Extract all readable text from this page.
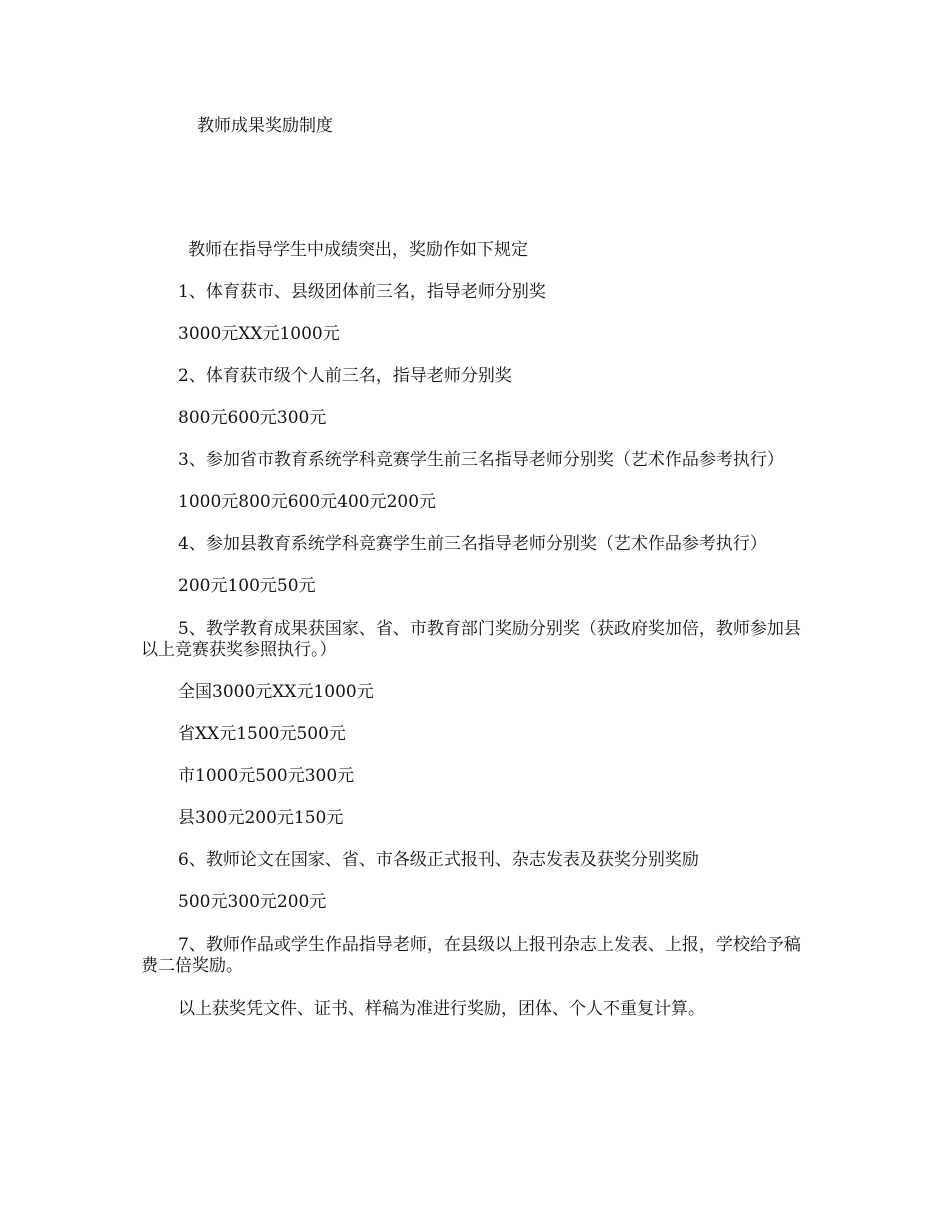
教师成果奖励制度

教师在指导学生中成绩突出，奖励作如下规定

1、体育获市、县级团体前三名，指导老师分别奖

3000元XX元1000元

2、体育获市级个人前三名，指导老师分别奖

800元600元300元

3、参加省市教育系统学科竞赛学生前三名指导老师分别奖（艺术作品参考执行）

1000元800元600元400元200元

4、参加县教育系统学科竞赛学生前三名指导老师分别奖（艺术作品参考执行）

200元100元50元

5、教学教育成果获国家、省、市教育部门奖励分别奖（获政府奖加倍，教师参加县以上竞赛获奖参照执行。）

全国3000元XX元1000元

省XX元1500元500元

市1000元500元300元

县300元200元150元

6、教师论文在国家、省、市各级正式报刊、杂志发表及获奖分别奖励

500元300元200元

7、教师作品或学生作品指导老师，在县级以上报刊杂志上发表、上报，学校给予稿费二倍奖励。

以上获奖凭文件、证书、样稿为准进行奖励，团体、个人不重复计算。
